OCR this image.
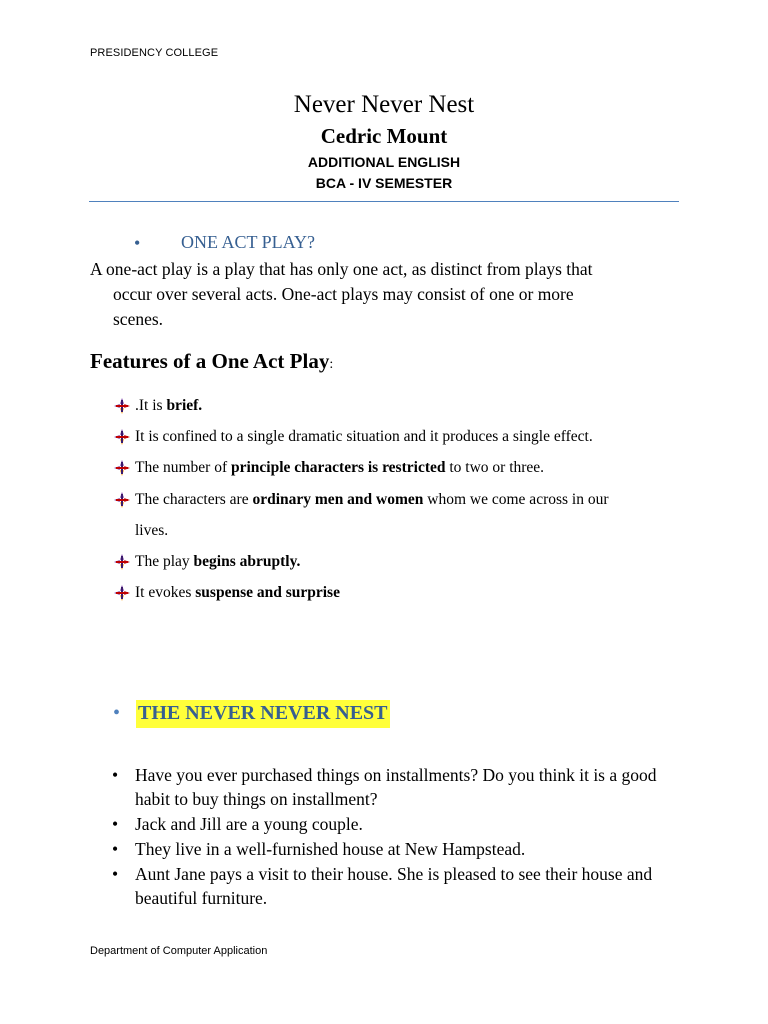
PRESIDENCY COLLEGE
Never Never Nest
Cedric Mount
ADDITIONAL ENGLISH
BCA - IV SEMESTER
• ONE ACT PLAY?
A one-act play is a play that has only one act, as distinct from plays that
occur over several acts. One-act plays may consist of one or more
scenes.
Features of a One Act Play:
.It is brief.
It is confined to a single dramatic situation and it produces a single effect.
The number of principle characters is restricted to two or three.
The characters are ordinary men and women whom we come across in our
lives.
The play begins abruptly.
It evokes suspense and surprise
• THE NEVER NEVER NEST
• Have you ever purchased things on installments? Do you think it is a good habit to buy things on installment?
• Jack and Jill are a young couple.
• They live in a well-furnished house at New Hampstead.
• Aunt Jane pays a visit to their house. She is pleased to see their house and beautiful furniture.
Department of Computer Application
